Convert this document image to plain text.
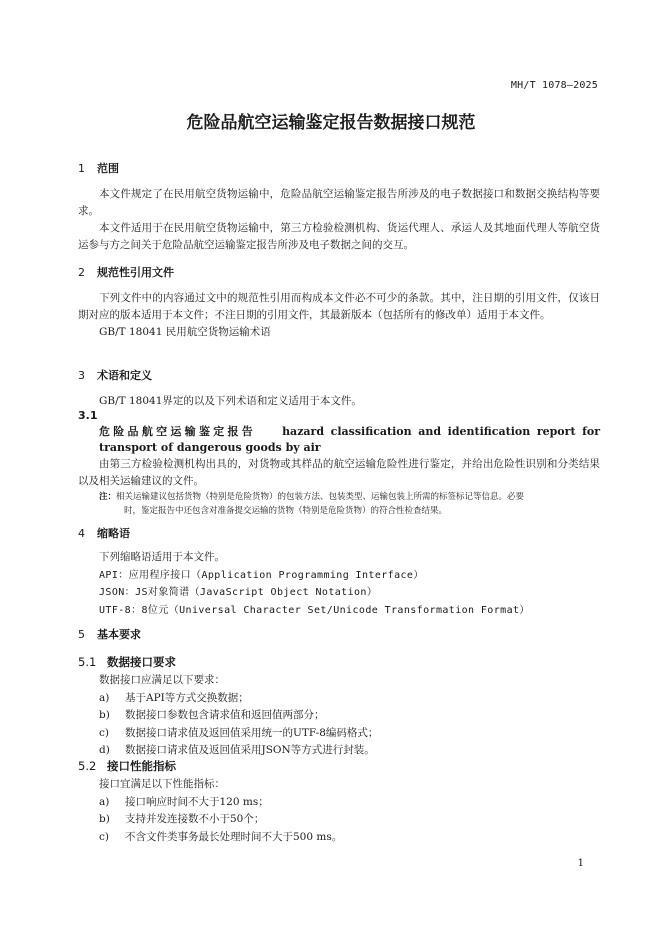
MH/T 1078—2025
危险品航空运输鉴定报告数据接口规范
1 范围

本文件规定了在民用航空货物运输中，危险品航空运输鉴定报告所涉及的电子数据接口和数据交换结构等要求。

本文件适用于在民用航空货物运输中，第三方检验检测机构、货运代理人、承运人及其地面代理人等航空货运参与方之间关于危险品航空运输鉴定报告所涉及电子数据之间的交互。

2 规范性引用文件

下列文件中的内容通过文中的规范性引用而构成本文件必不可少的条款。其中，注日期的引用文件，仅该日期对应的版本适用于本文件；不注日期的引用文件，其最新版本（包括所有的修改单）适用于本文件。

GB/T 18041 民用航空货物运输术语
3 术语和定义
GB/T 18041界定的以及下列术语和定义适用于本文件。
3.1
危险品航空运输鉴定报告 hazard classification and identification report for transport of dangerous goods by air

由第三方检验检测机构出具的，对货物或其样品的航空运输危险性进行鉴定，并给出危险性识别和分类结果以及相关运输建议的文件。

注：相关运输建议包括货物（特别是危险货物）的包装方法、包装类型、运输包装上所需的标签标记等信息。必要
时，鉴定报告中还包含对准备提交运输的货物（特别是危险货物）的符合性检查结果。
4 缩略语
下列缩略语适用于本文件。
API：应用程序接口（Application Programming Interface）
JSON：JS对象简谱（JavaScript Object Notation）
UTF-8：8位元（Universal Character Set/Unicode Transformation Format）
5 基本要求
5.1 数据接口要求
数据接口应满足以下要求：
a) 基于API等方式交换数据；
b) 数据接口参数包含请求值和返回值两部分；
c) 数据接口请求值及返回值采用统一的UTF-8编码格式；
d) 数据接口请求值及返回值采用JSON等方式进行封装。
5.2 接口性能指标
接口宜满足以下性能指标：
a) 接口响应时间不大于120 ms；
b) 支持并发连接数不小于50个；
c) 不含文件类事务最长处理时间不大于500 ms。
1
